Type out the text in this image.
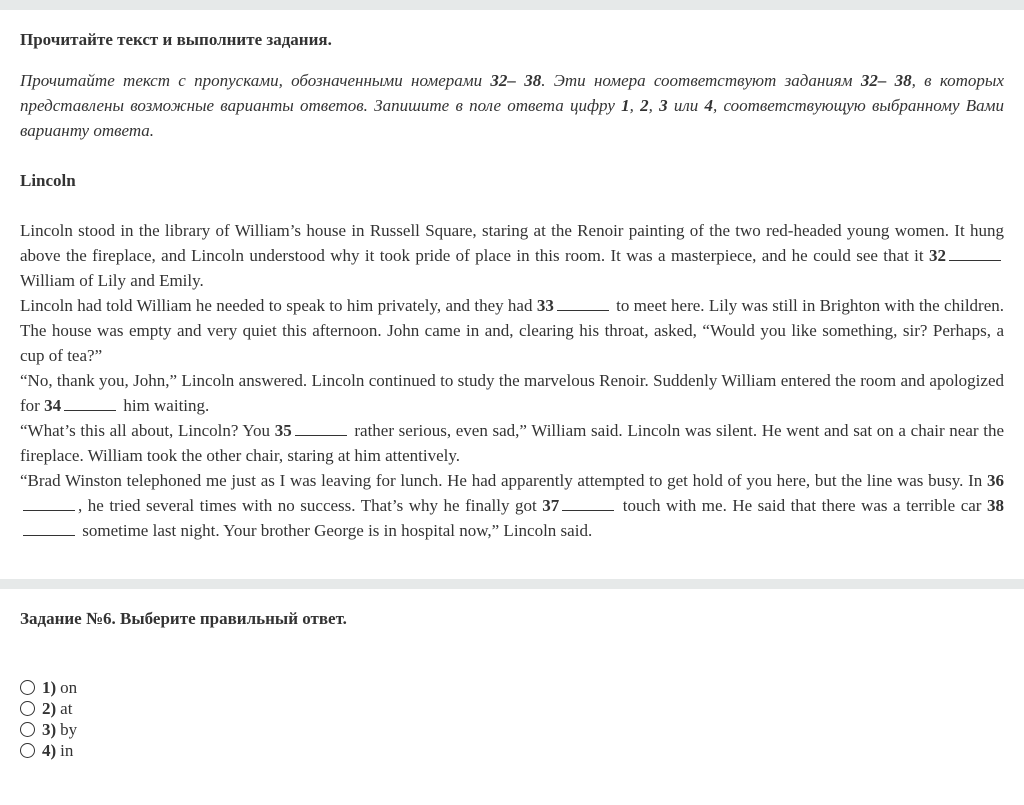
Прочитайте текст и выполните задания.
Прочитайте текст с пропусками, обозначенными номерами 32– 38. Эти номера соответствуют заданиям 32– 38, в которых представлены возможные варианты ответов. Запишите в поле ответа цифру 1, 2, 3 или 4, соответствующую выбранному Вами варианту ответа.
Lincoln

Lincoln stood in the library of William’s house in Russell Square, staring at the Renoir painting of the two red-headed young women. It hung above the fireplace, and Lincoln understood why it took pride of place in this room. It was a masterpiece, and he could see that it 32 William of Lily and Emily.

Lincoln had told William he needed to speak to him privately, and they had 33	to meet here. Lily was still in Brighton with the children. The house was empty and very quiet this afternoon. John came in and, clearing his throat, asked, “Would you like something, sir? Perhaps, a cup of tea?”

“No, thank you, John,” Lincoln answered. Lincoln continued to study the marvelous Renoir. Suddenly William entered the room and apologized for 34	him waiting.

“What’s this all about, Lincoln? You 35	rather serious, even sad,” William said. Lincoln was silent. He went and sat on a chair near the fireplace. William took the other chair, staring at him attentively.

“Brad Winston telephoned me just as I was leaving for lunch. He had apparently attempted to get hold of you here, but the line was busy. In 36, he tried several times with no success. That’s why he finally got 37	touch with me. He said that there was a terrible car 38 sometime last night. Your brother George is in hospital now,” Lincoln said.

Задание №6. Выберите правильный ответ.
1) on
2) at
3) by
4) in
